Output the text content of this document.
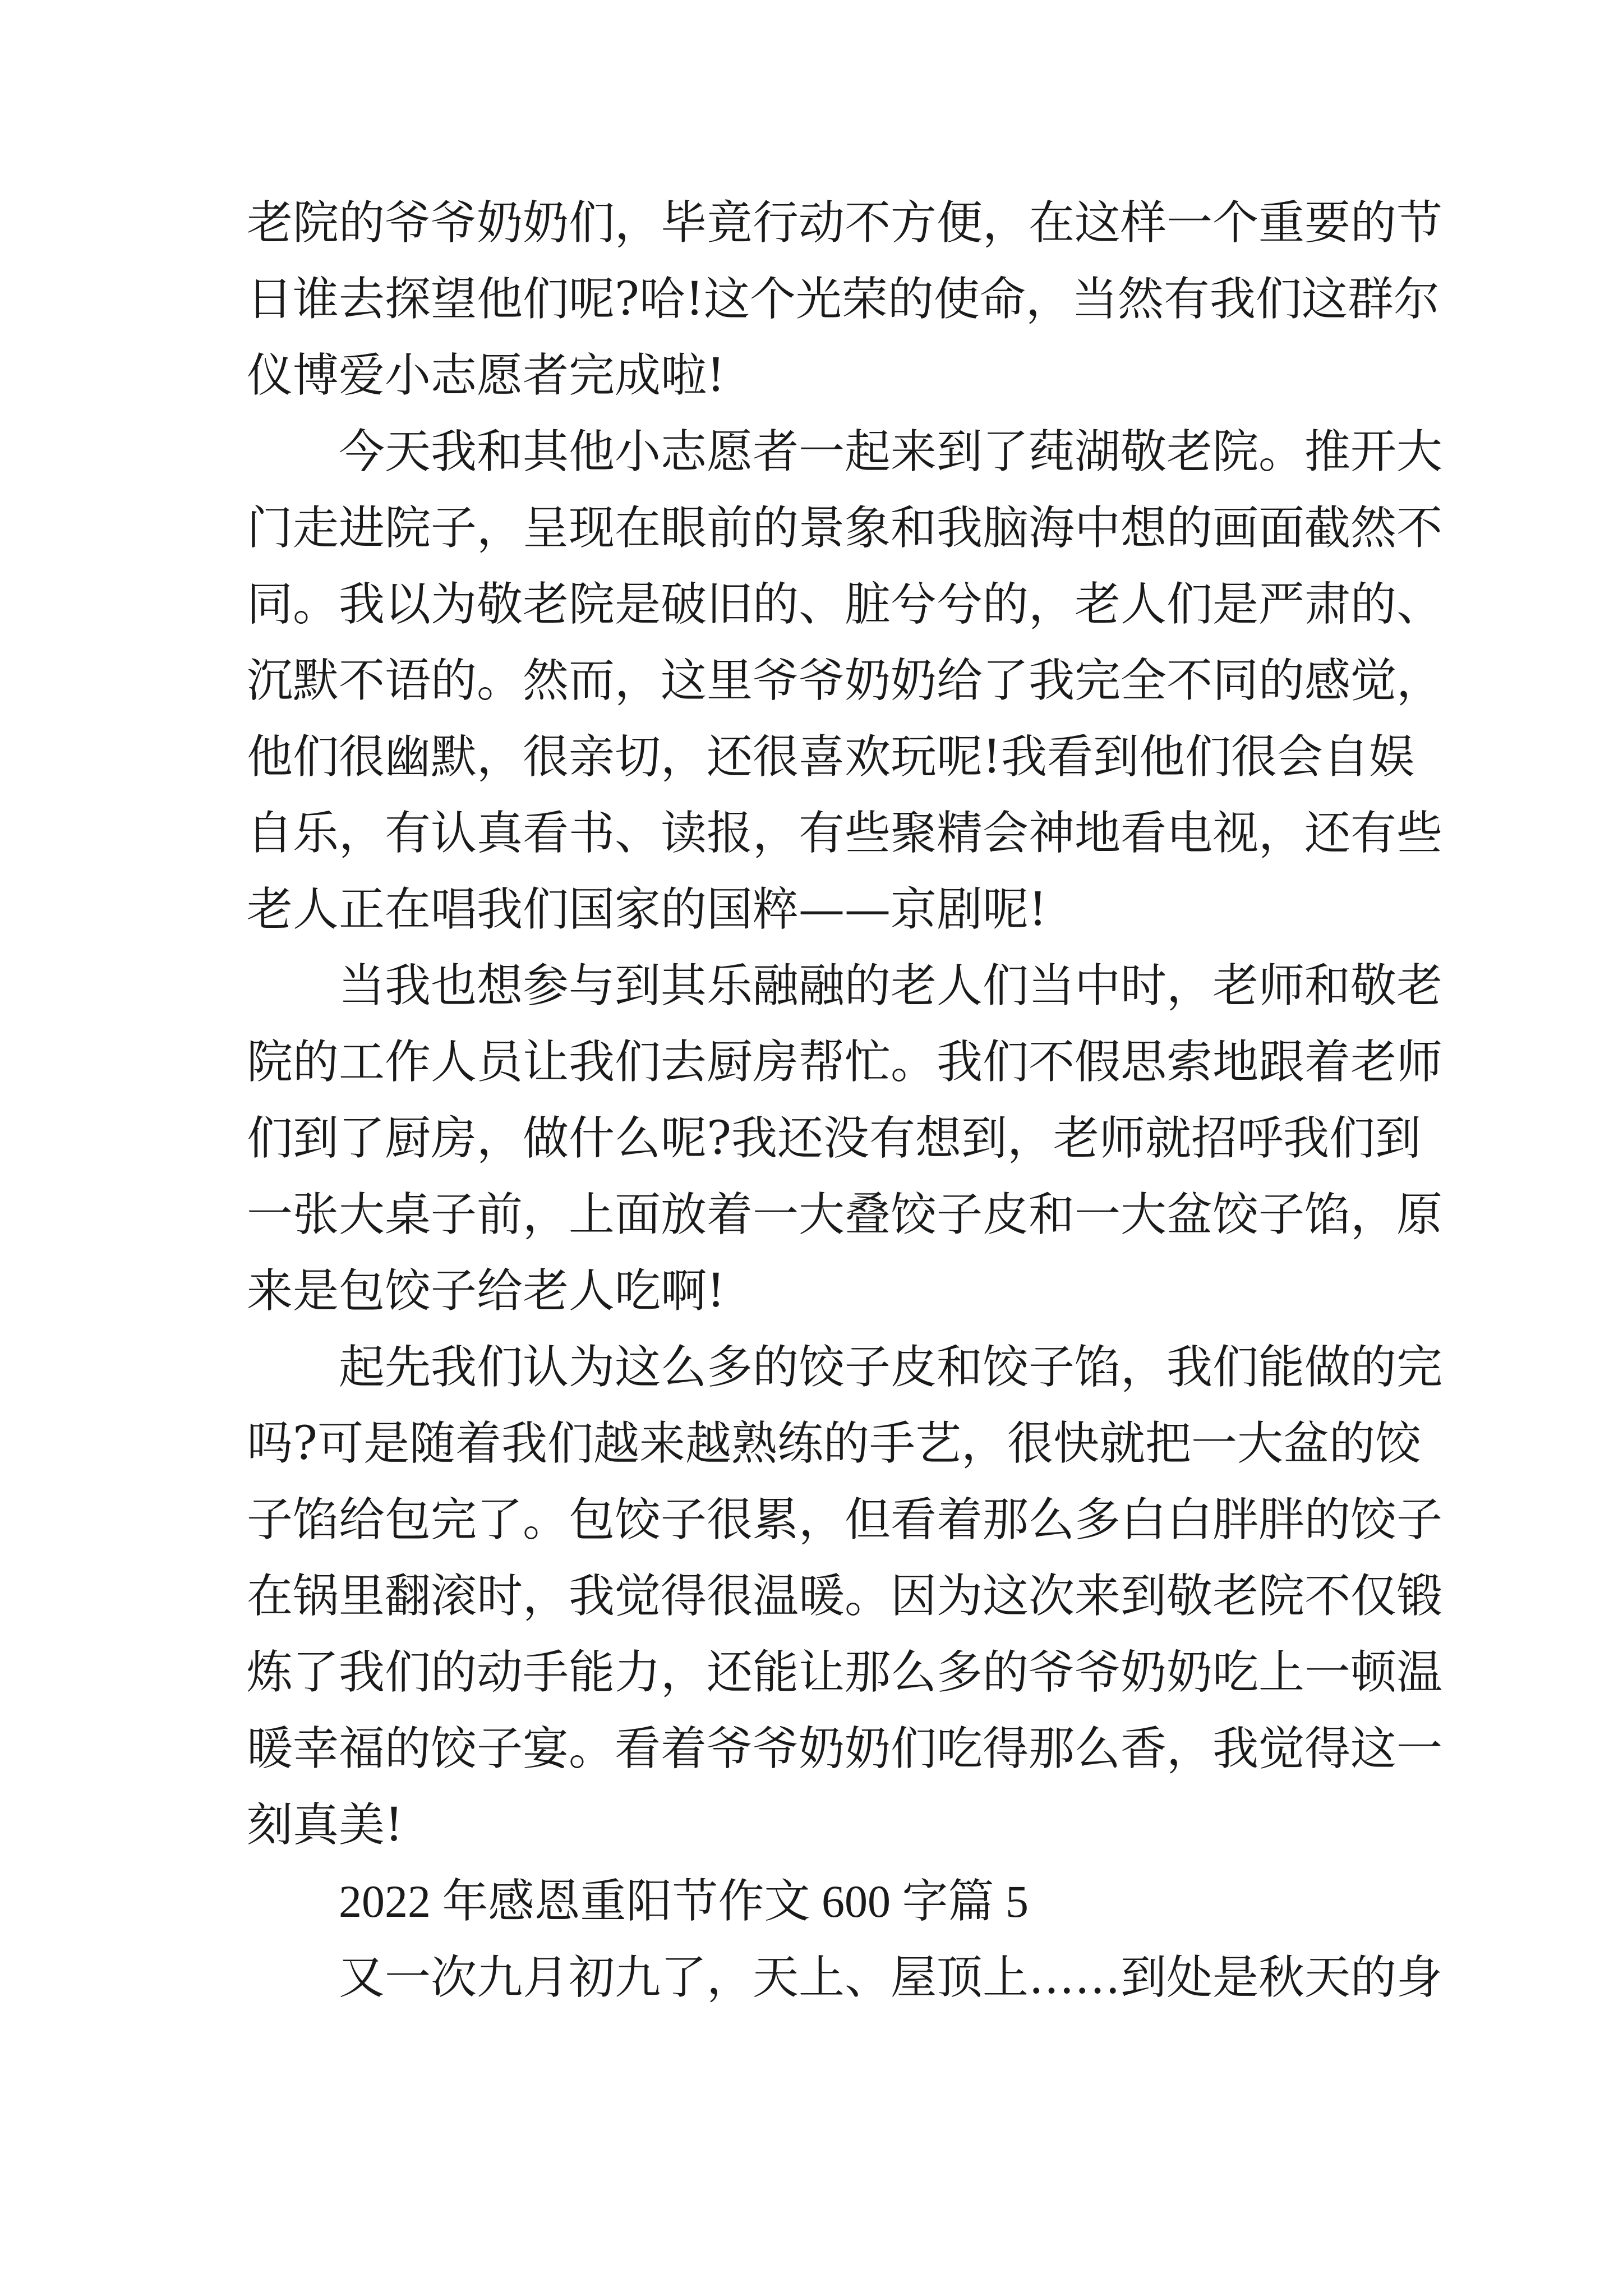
老院的爷爷奶奶们，毕竟行动不方便，在这样一个重要的节
日谁去探望他们呢?哈!这个光荣的使命，当然有我们这群尔
仪博爱小志愿者完成啦!
今天我和其他小志愿者一起来到了莼湖敬老院。推开大
门走进院子，呈现在眼前的景象和我脑海中想的画面截然不
同。我以为敬老院是破旧的、脏兮兮的，老人们是严肃的、
沉默不语的。然而，这里爷爷奶奶给了我完全不同的感觉，
他们很幽默，很亲切，还很喜欢玩呢!我看到他们很会自娱
自乐，有认真看书、读报，有些聚精会神地看电视，还有些
老人正在唱我们国家的国粹——京剧呢!
当我也想参与到其乐融融的老人们当中时，老师和敬老
院的工作人员让我们去厨房帮忙。我们不假思索地跟着老师
们到了厨房，做什么呢?我还没有想到，老师就招呼我们到
一张大桌子前，上面放着一大叠饺子皮和一大盆饺子馅，原
来是包饺子给老人吃啊!
起先我们认为这么多的饺子皮和饺子馅，我们能做的完
吗?可是随着我们越来越熟练的手艺，很快就把一大盆的饺
子馅给包完了。包饺子很累，但看着那么多白白胖胖的饺子
在锅里翻滚时，我觉得很温暖。因为这次来到敬老院不仅锻
炼了我们的动手能力，还能让那么多的爷爷奶奶吃上一顿温
暖幸福的饺子宴。看着爷爷奶奶们吃得那么香，我觉得这一
刻真美!
2022 年感恩重阳节作文 600 字篇 5
又一次九月初九了，天上、屋顶上……到处是秋天的身
